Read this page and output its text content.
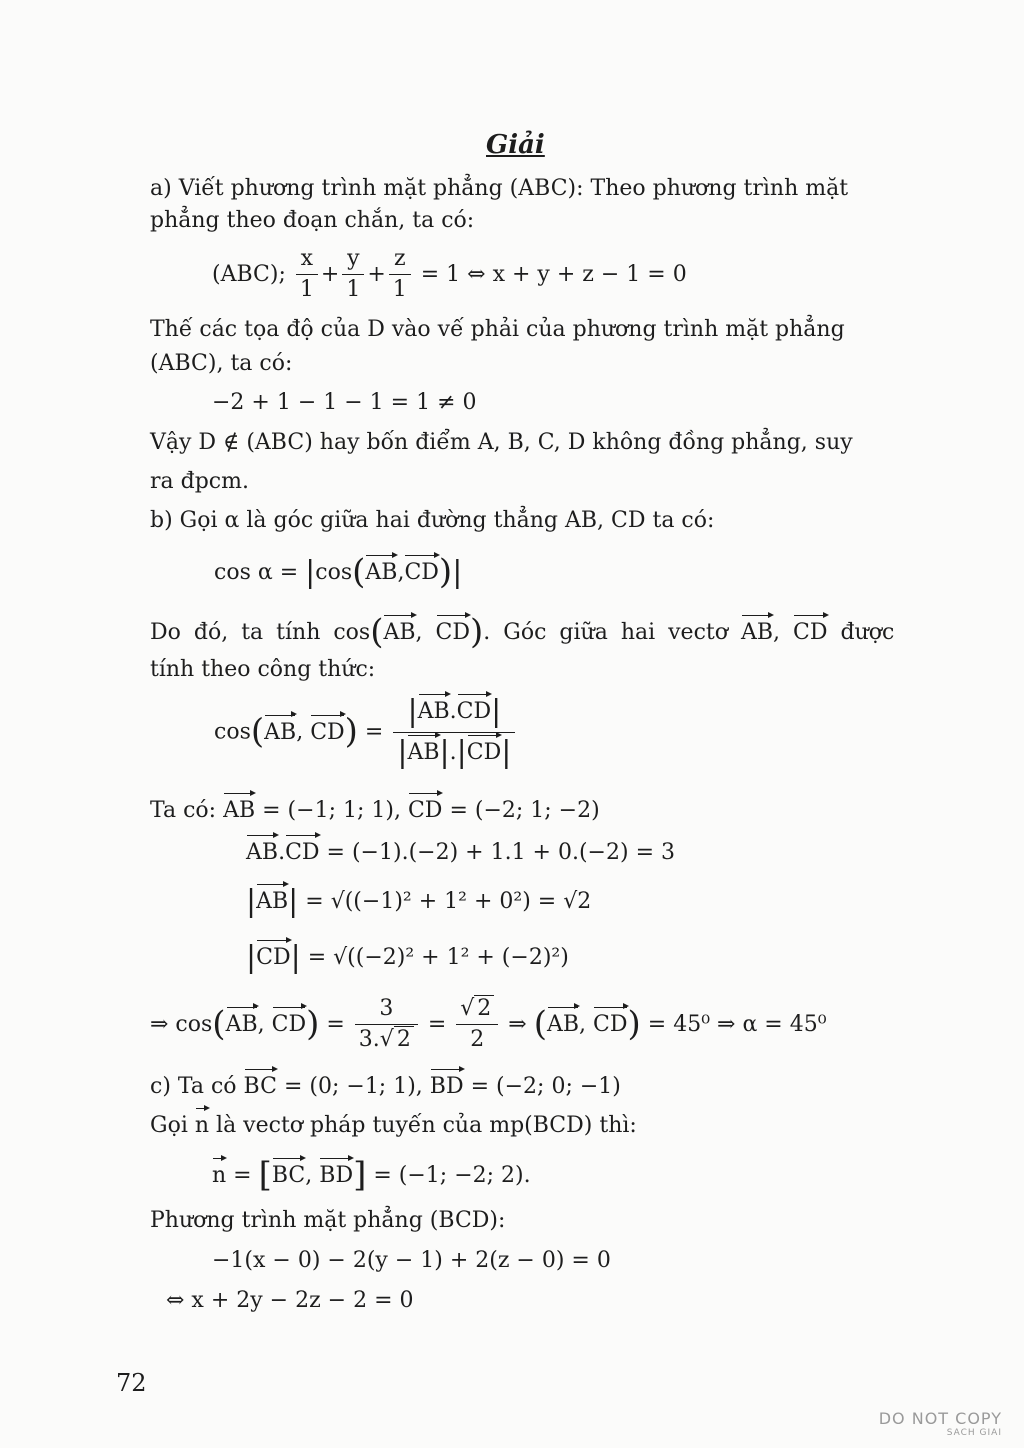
Giải
a) Viết phương trình mặt phẳng (ABC): Theo phương trình mặt
phẳng theo đoạn chắn, ta có:
(ABC); $\frac{x}{1} + \frac{y}{1} + \frac{z}{1} = 1$ ⇔ x + y + z − 1 = 0
Thế các tọa độ của D vào vế phải của phương trình mặt phẳng
(ABC), ta có:
−2 + 1 − 1 − 1 = 1 ≠ 0
Vậy D ∉ (ABC) hay bốn điểm A, B, C, D không đồng phẳng, suy
ra đpcm.
b) Gọi α là góc giữa hai đường thẳng AB, CD ta có:
cos α = |cos(AB,CD)|
Do đó, ta tính cos(AB, CD). Góc giữa hai vectơ AB, CD được
tính theo công thức:
cos(AB, $CD) = \frac{|AB.CD|}{|AB|.|CD|}$
Ta có: AB = (−1; 1; 1), CD = (−2; 1; −2)
AB.CD = (−1).(−2) + 1.1 + 0.(−2) = 3
|AB| = √((−1)² + 1² + 0²) = √2
|CD| = √((−2)² + 1² + (−2)²)
⇒ cos(AB, $CD) = \frac{3}{3.√ 2} = \frac{√ 2}{2}$ ⇒ (AB, CD) = 45⁰ ⇒ α = 45⁰
c) Ta có BC = (0; −1; 1), BD = (−2; 0; −1)
Gọi n là vectơ pháp tuyến của mp(BCD) thì:
n = [BC, BD] = (−1; −2; 2).
Phương trình mặt phẳng (BCD):
−1(x − 0) − 2(y − 1) + 2(z − 0) = 0
⇔ x + 2y − 2z − 2 = 0
72
DO NOT COPY
SACH GIAI
